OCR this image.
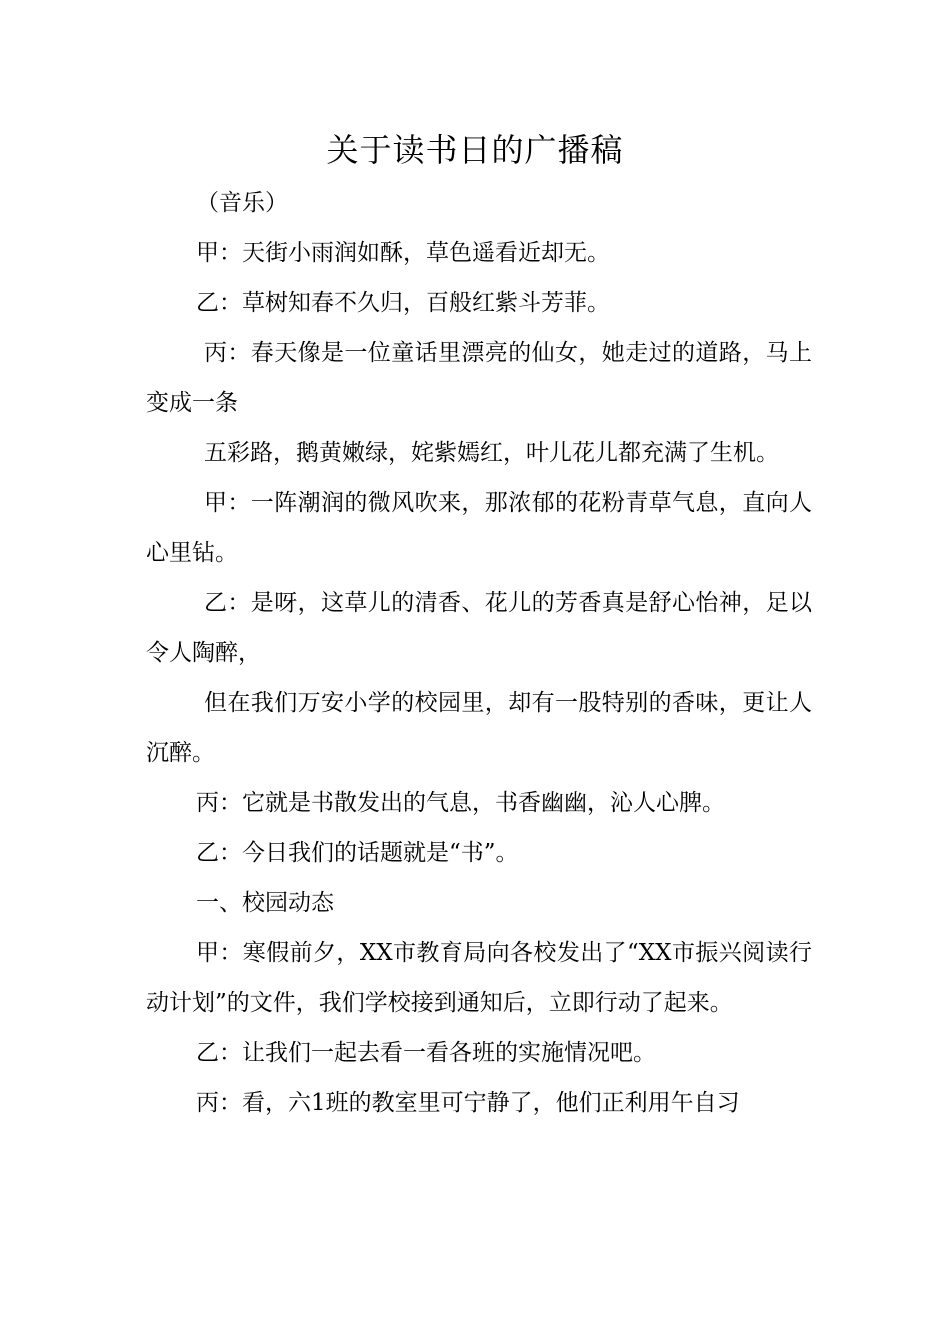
关于读书日的广播稿

（音乐）

甲：天街小雨润如酥，草色遥看近却无。

乙：草树知春不久归，百般红紫斗芳菲。

丙：春天像是一位童话里漂亮的仙女，她走过的道路，马上变成一条

五彩路，鹅黄嫩绿，姹紫嫣红，叶儿花儿都充满了生机。

甲：一阵潮润的微风吹来，那浓郁的花粉青草气息，直向人心里钻。

乙：是呀，这草儿的清香、花儿的芳香真是舒心怡神，足以令人陶醉，

但在我们万安小学的校园里，却有一股特别的香味，更让人沉醉。

丙：它就是书散发出的气息，书香幽幽，沁人心脾。

乙：今日我们的话题就是“书”。

一、校园动态

甲：寒假前夕，XX市教育局向各校发出了“XX市振兴阅读行动计划”的文件，我们学校接到通知后，立即行动了起来。

乙：让我们一起去看一看各班的实施情况吧。

丙：看，六1班的教室里可宁静了，他们正利用午自习
